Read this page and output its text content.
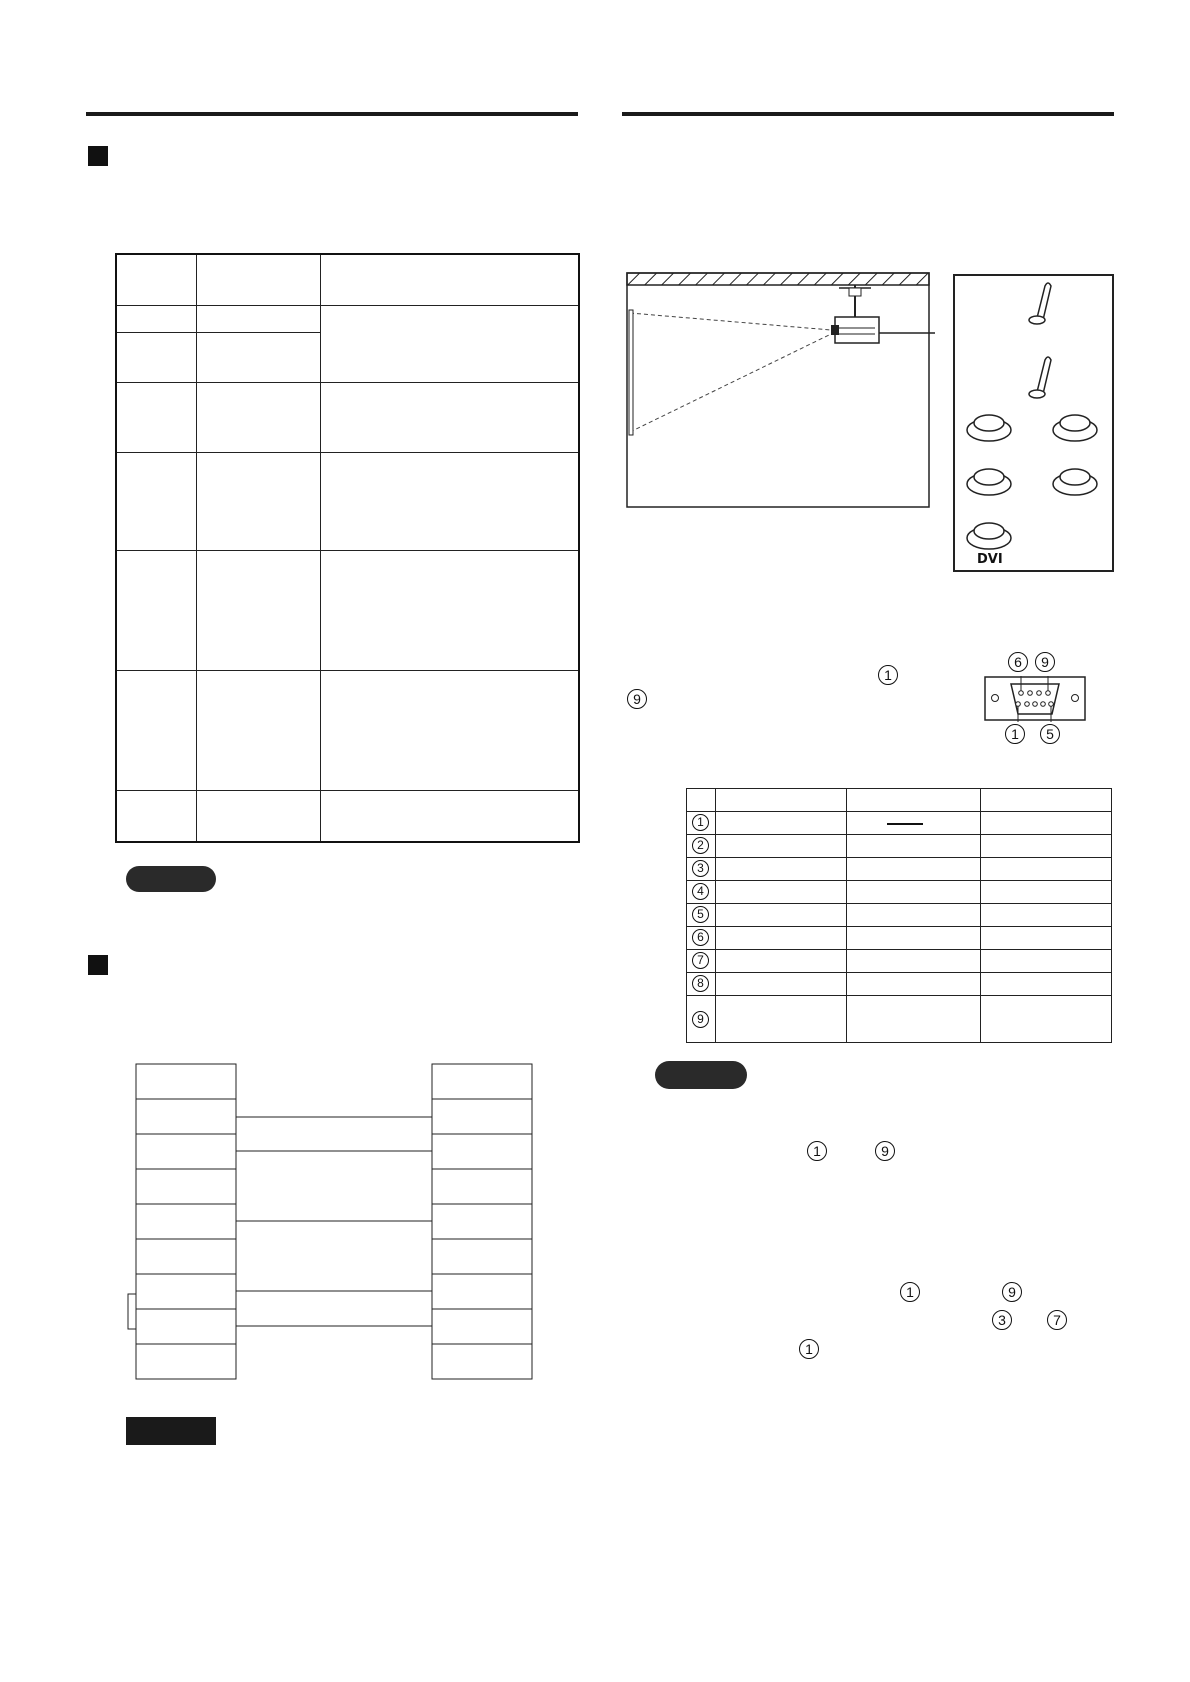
DVI
1
9
6	9
1	5
1
2
3
4
5
6
7
8
9
1	9
1	9
3	7
1
